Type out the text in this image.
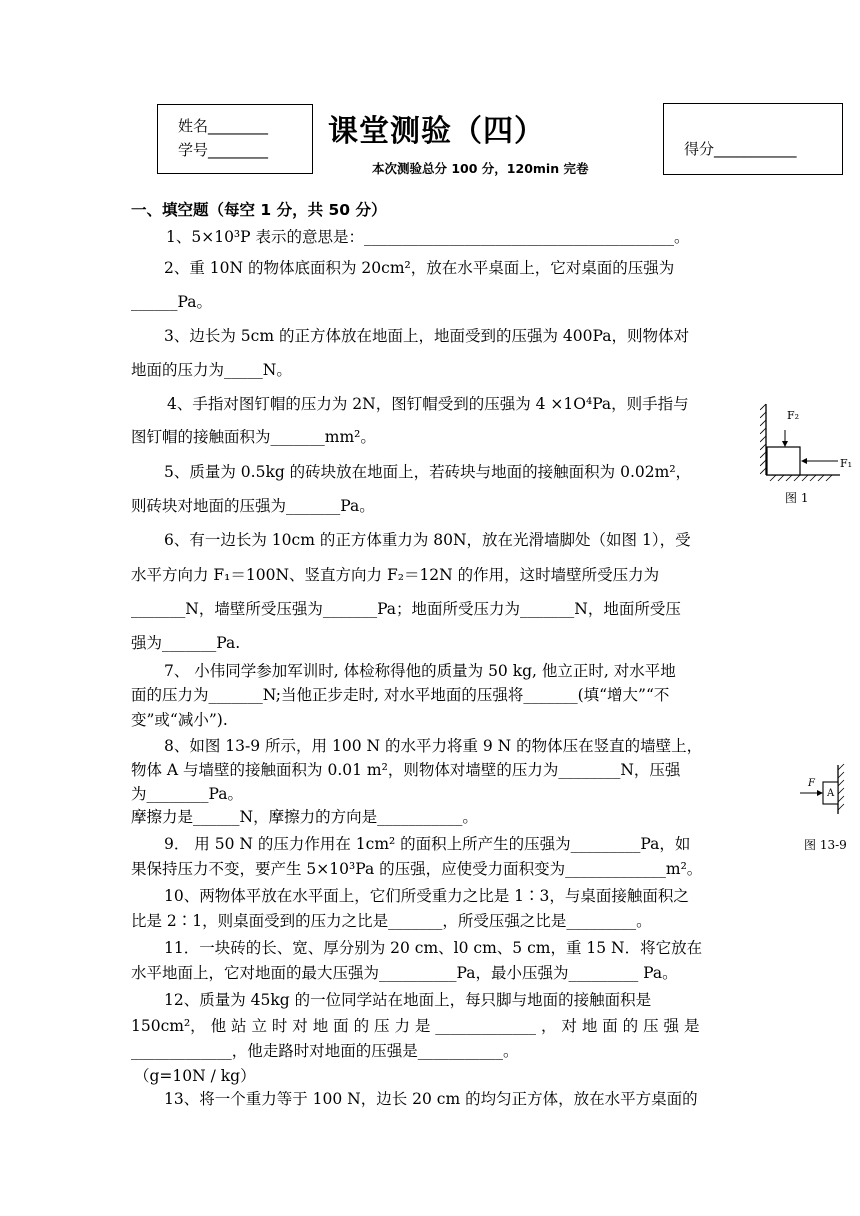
姓名________
学号________
课堂测验（四）
本次测验总分 100 分，120min 完卷
得分___________
一、填空题（每空 1 分，共 50 分）
1、5×10³P 表示的意思是：________________________________________。
2、重 10N 的物体底面积为 20cm²，放在水平桌面上，它对桌面的压强为
______Pa。
3、边长为 5cm 的正方体放在地面上，地面受到的压强为 400Pa，则物体对
地面的压力为_____N。
4、手指对图钉帽的压力为 2N，图钉帽受到的压强为 4 ×1O⁴Pa，则手指与
图钉帽的接触面积为_______mm²。
5、质量为 0.5kg 的砖块放在地面上，若砖块与地面的接触面积为 0.02m²，
则砖块对地面的压强为_______Pa。
6、有一边长为 10cm 的正方体重力为 80N，放在光滑墙脚处（如图 1），受
水平方向力 F₁＝100N、竖直方向力 F₂＝12N 的作用，这时墙壁所受压力为
_______N，墙壁所受压强为_______Pa；地面所受压力为_______N，地面所受压
强为_______Pa.
7、 小伟同学参加军训时, 体检称得他的质量为 50 kg, 他立正时, 对水平地
面的压力为_______N;当他正步走时, 对水平地面的压强将_______(填“增大”“不
变”或“减小”).
8、如图 13-9 所示，用 100 N 的水平力将重 9 N 的物体压在竖直的墙壁上，
物体 A 与墙壁的接触面积为 0.01 m²，则物体对墙壁的压力为________N，压强
为________Pa。
摩擦力是______N，摩擦力的方向是___________。
9． 用 50 N 的压力作用在 1cm² 的面积上所产生的压强为_________Pa，如
果保持压力不变，要产生 5×10³Pa 的压强，应使受力面积变为_____________m²。
10、两物体平放在水平面上，它们所受重力之比是 1∶3，与桌面接触面积之
比是 2∶1，则桌面受到的压力之比是_______，所受压强之比是_________。
11．一块砖的长、宽、厚分别为 20 cm、l0 cm、5 cm，重 15 N．将它放在
水平地面上，它对地面的最大压强为__________Pa，最小压强为_________ Pa。
12、质量为 45kg 的一位同学站在地面上，每只脚与地面的接触面积是
150cm²， 他 站 立 时 对 地 面 的 压 力 是 _____________ ， 对 地 面 的 压 强 是
_____________，他走路时对地面的压强是___________。
（g=10N / kg）
13、将一个重力等于 100 N，边长 20 cm 的均匀正方体，放在水平方桌面的
F₂
F₁
图 1
F
A
图 13-9
